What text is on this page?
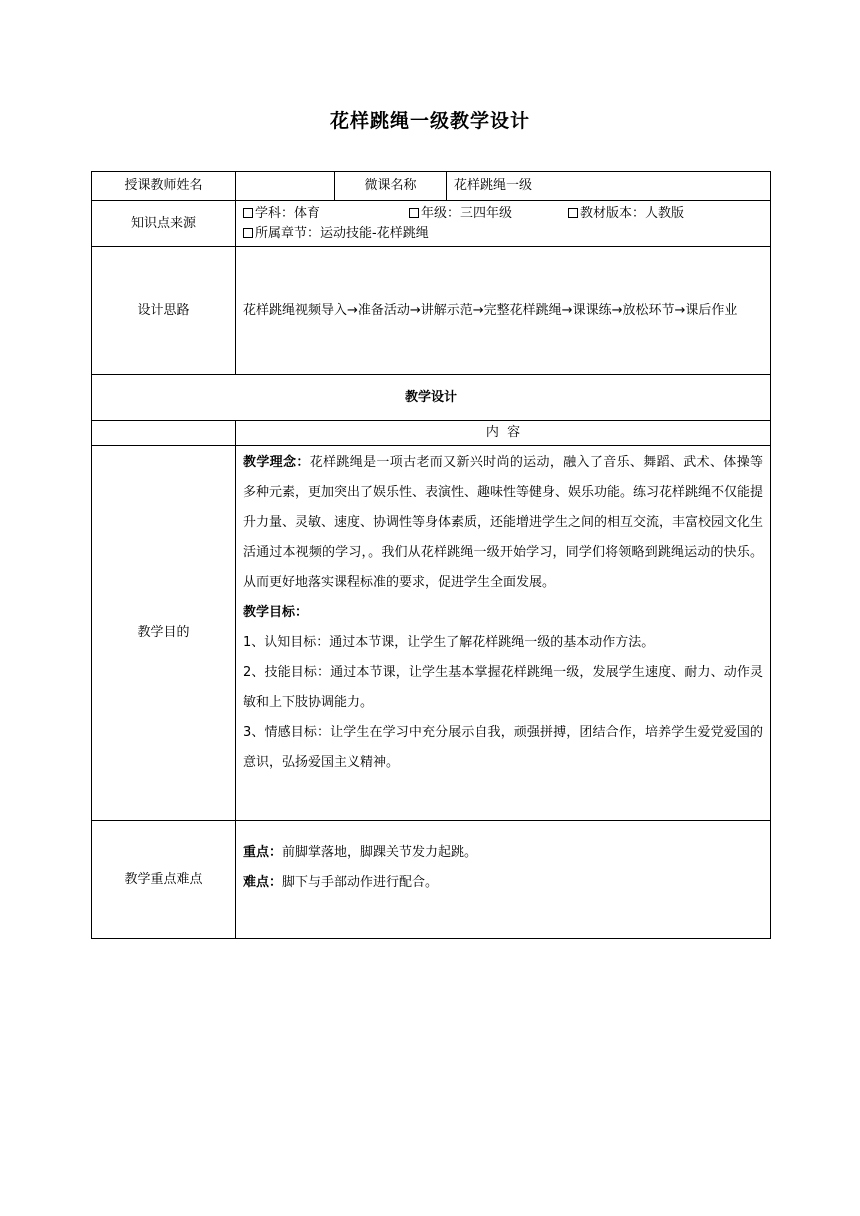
花样跳绳一级教学设计
授课教师姓名		微课名称	花样跳绳一级
知识点来源	学科：体育 年级：三四年级 教材版本：人教版
所属章节：运动技能-花样跳绳		

设计思路	花样跳绳视频导入→准备活动→讲解示范→完整花样跳绳→课课练→放松环节→课后作业		
教学设计			
	内  容		
教学目的	教学理念：花样跳绳是一项古老而又新兴时尚的运动，融入了音乐、舞蹈、武术、体操等多种元素，更加突出了娱乐性、表演性、趣味性等健身、娱乐功能。练习花样跳绳不仅能提升力量、灵敏、速度、协调性等身体素质，还能增进学生之间的相互交流，丰富校园文化生活通过本视频的学习，。我们从花样跳绳一级开始学习，同学们将领略到跳绳运动的快乐。从而更好地落实课程标准的要求，促进学生全面发展。

教学目标：

1、认知目标：通过本节课，让学生了解花样跳绳一级的基本动作方法。

2、技能目标：通过本节课，让学生基本掌握花样跳绳一级，发展学生速度、耐力、动作灵敏和上下肢协调能力。

3、情感目标：让学生在学习中充分展示自我，顽强拼搏，团结合作，培养学生爱党爱国的意识，弘扬爱国主义精神。		

教学重点难点	重点：前脚掌落地，脚踝关节发力起跳。

难点：脚下与手部动作进行配合。		
